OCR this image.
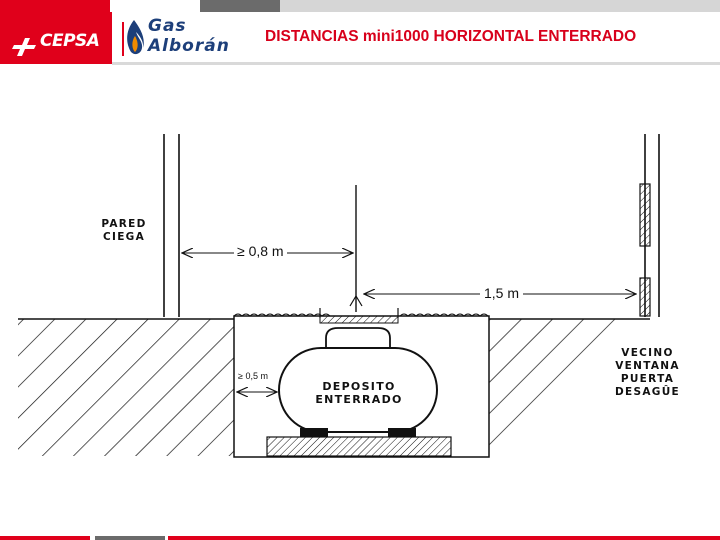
CEPSA
Gas
Alborán DISTANCIAS mini1000 HORIZONTAL ENTERRADO
PARED
CIEGA
VECINO
VENTANA
PUERTA
DESAGÛE
DEPOSITO
ENTERRADO
≥ 0,8 m
1,5 m
≥ 0,5 m
